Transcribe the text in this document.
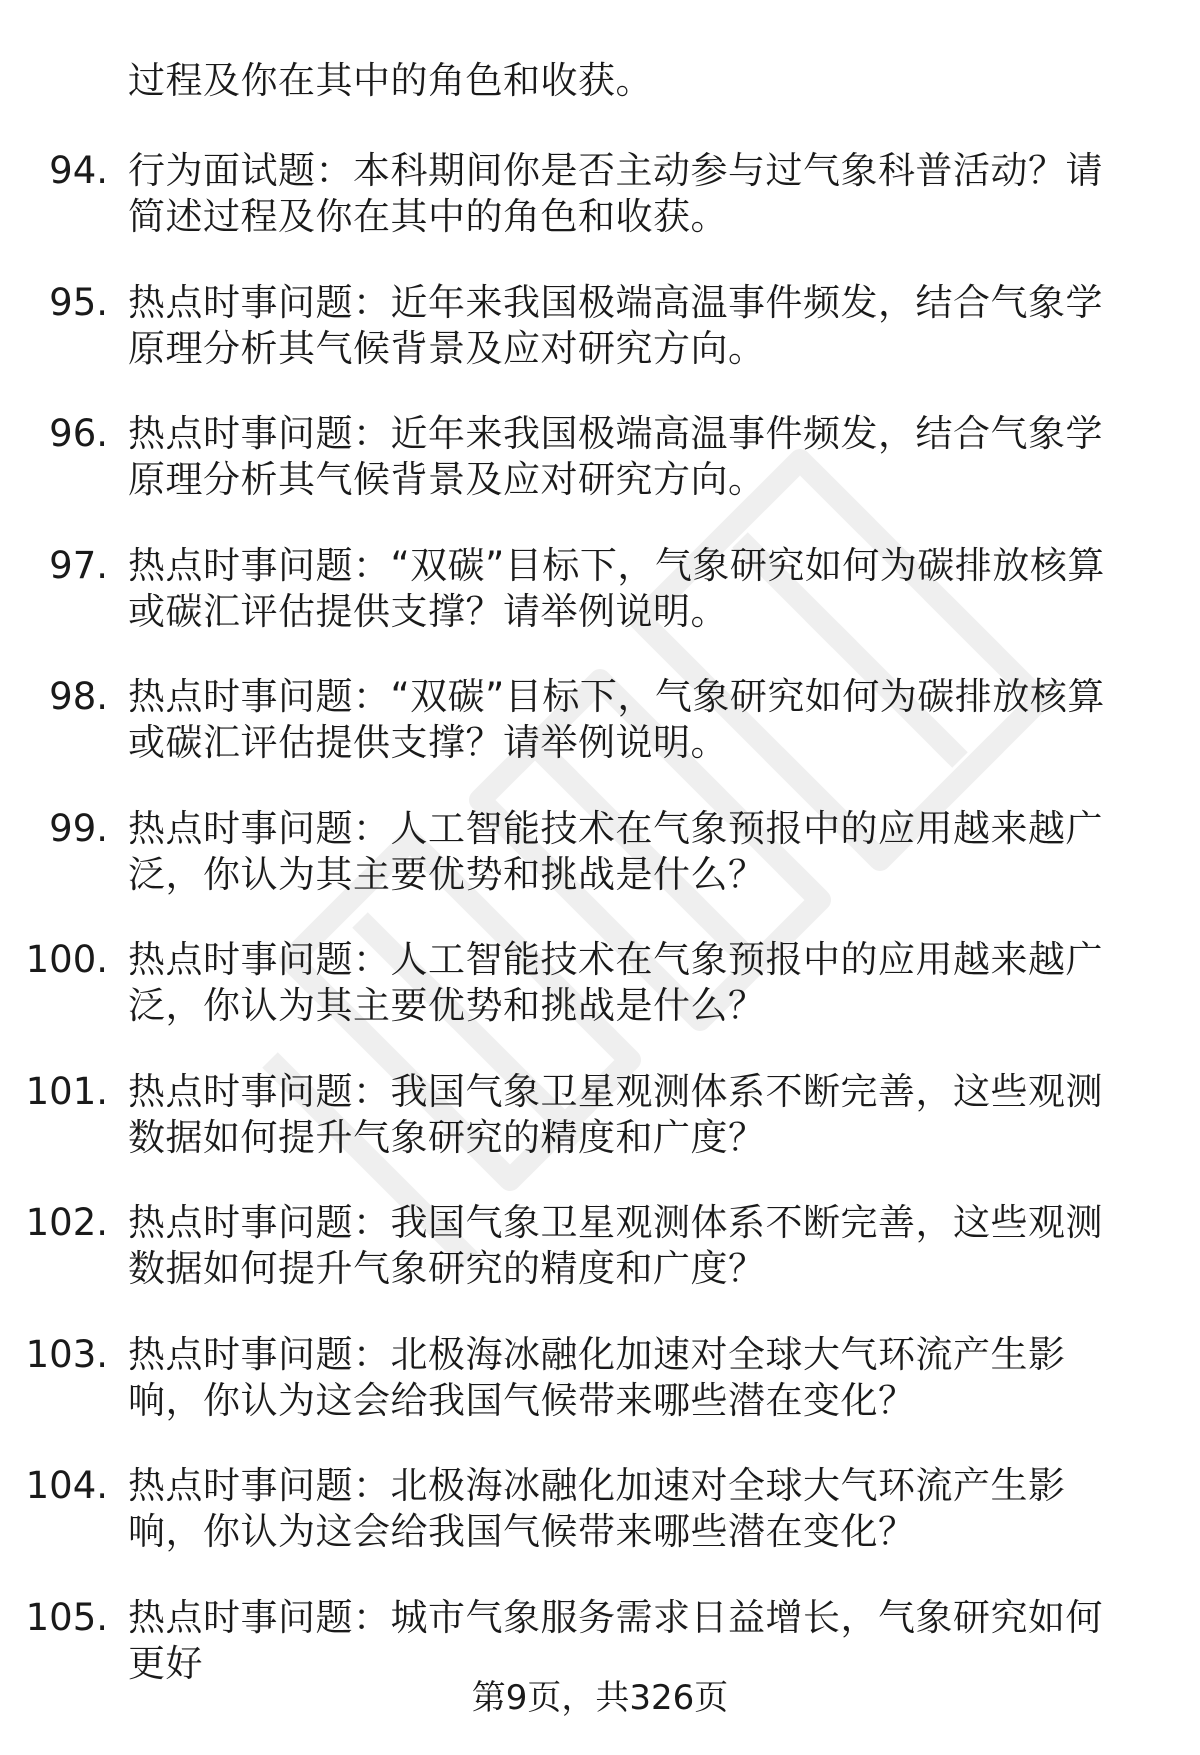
过程及你在其中的角色和收获。
94. 行为面试题：本科期间你是否主动参与过气象科普活动？请简述过程及你在其中的角色和收获。
95. 热点时事问题：近年来我国极端高温事件频发，结合气象学原理分析其气候背景及应对研究方向。
96. 热点时事问题：近年来我国极端高温事件频发，结合气象学原理分析其气候背景及应对研究方向。
97. 热点时事问题：“双碳”目标下，气象研究如何为碳排放核算或碳汇评估提供支撑？请举例说明。
98. 热点时事问题：“双碳”目标下，气象研究如何为碳排放核算或碳汇评估提供支撑？请举例说明。
99. 热点时事问题：人工智能技术在气象预报中的应用越来越广泛，你认为其主要优势和挑战是什么？
100. 热点时事问题：人工智能技术在气象预报中的应用越来越广泛，你认为其主要优势和挑战是什么？
101. 热点时事问题：我国气象卫星观测体系不断完善，这些观测数据如何提升气象研究的精度和广度？
102. 热点时事问题：我国气象卫星观测体系不断完善，这些观测数据如何提升气象研究的精度和广度？
103. 热点时事问题：北极海冰融化加速对全球大气环流产生影响，你认为这会给我国气候带来哪些潜在变化？
104. 热点时事问题：北极海冰融化加速对全球大气环流产生影响，你认为这会给我国气候带来哪些潜在变化？
105. 热点时事问题：城市气象服务需求日益增长，气象研究如何更好
第9页，共326页
